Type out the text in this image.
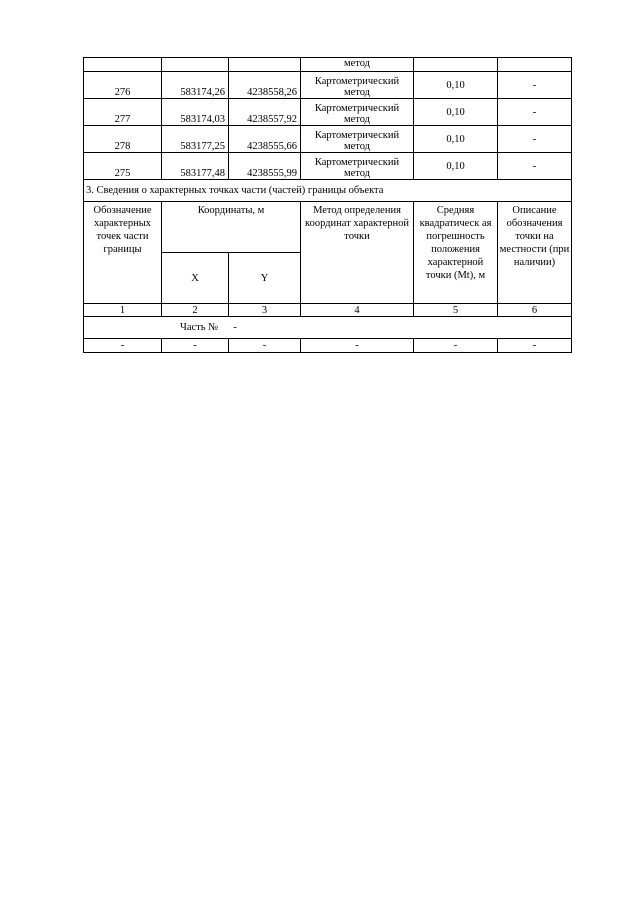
			метод		
276	583174,26	4238558,26	Картометрический метод	0,10	-
277	583174,03	4238557,92	Картометрический метод	0,10	-
278	583177,25	4238555,66	Картометрический метод	0,10	-
275	583177,48	4238555,99	Картометрический метод	0,10	-
3. Сведения о характерных точках части (частей) границы объекта					
Обозначение характерных точек части границы	Координаты, м		Метод определения координат характерной точки	Средняя квадратическ ая погрешность положения характерной точки (Mt), м	Описание обозначения точки на местности (при наличии)
	X	Y			
1	2	3	4	5	6
Часть № -					
-	-	-	-	-	-
